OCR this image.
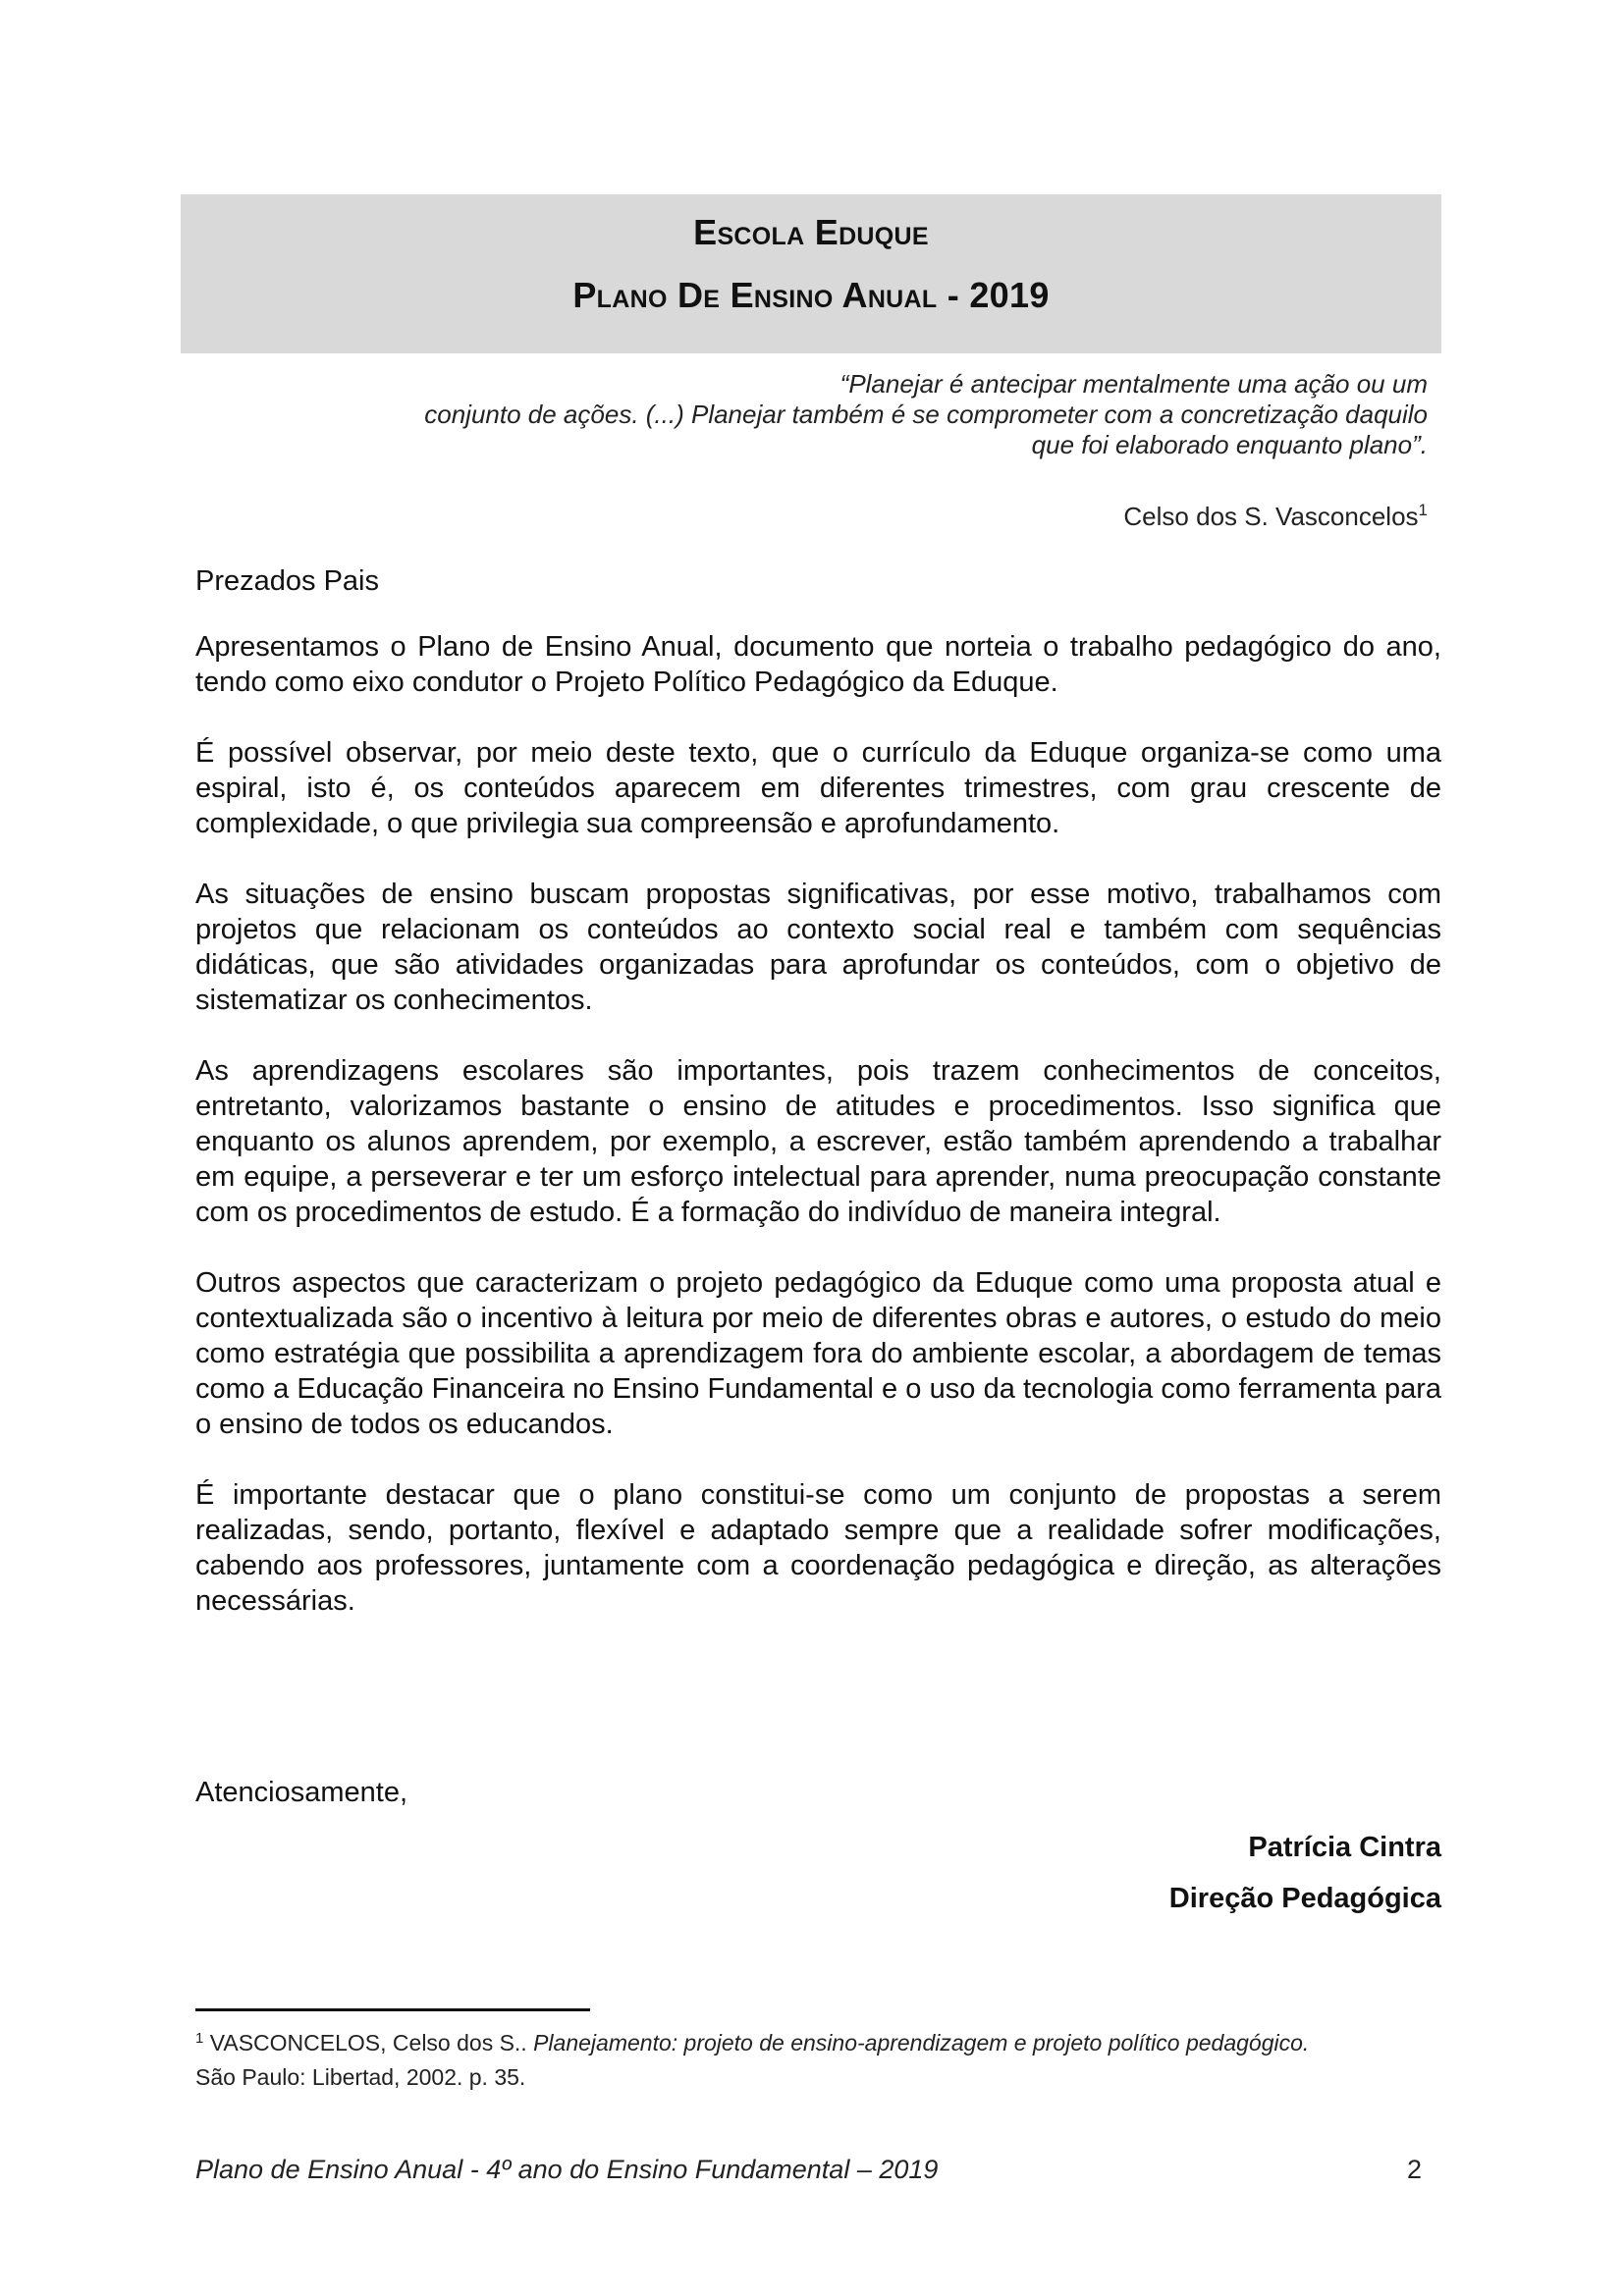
Escola Eduque
Plano De Ensino Anual - 2019
“Planejar é antecipar mentalmente uma ação ou um
conjunto de ações. (...) Planejar também é se comprometer com a concretização daquilo
que foi elaborado enquanto plano”.
Celso dos S. Vasconcelos$^1$
Prezados Pais

Apresentamos o Plano de Ensino Anual, documento que norteia o trabalho pedagógico do ano, tendo como eixo condutor o Projeto Político Pedagógico da Eduque.

É possível observar, por meio deste texto, que o currículo da Eduque organiza-se como uma espiral, isto é, os conteúdos aparecem em diferentes trimestres, com grau crescente de complexidade, o que privilegia sua compreensão e aprofundamento.

As situações de ensino buscam propostas significativas, por esse motivo, trabalhamos com projetos que relacionam os conteúdos ao contexto social real e também com sequências didáticas, que são atividades organizadas para aprofundar os conteúdos, com o objetivo de sistematizar os conhecimentos.

As aprendizagens escolares são importantes, pois trazem conhecimentos de conceitos, entretanto, valorizamos bastante o ensino de atitudes e procedimentos. Isso significa que enquanto os alunos aprendem, por exemplo, a escrever, estão também aprendendo a trabalhar em equipe, a perseverar e ter um esforço intelectual para aprender, numa preocupação constante com os procedimentos de estudo. É a formação do indivíduo de maneira integral.

Outros aspectos que caracterizam o projeto pedagógico da Eduque como uma proposta atual e contextualizada são o incentivo à leitura por meio de diferentes obras e autores, o estudo do meio como estratégia que possibilita a aprendizagem fora do ambiente escolar, a abordagem de temas como a Educação Financeira no Ensino Fundamental e o uso da tecnologia como ferramenta para o ensino de todos os educandos.

É importante destacar que o plano constitui-se como um conjunto de propostas a serem realizadas, sendo, portanto, flexível e adaptado sempre que a realidade sofrer modificações, cabendo aos professores, juntamente com a coordenação pedagógica e direção, as alterações necessárias.

Atenciosamente,
Patrícia Cintra
Direção Pedagógica
$^1$ VASCONCELOS, Celso dos S.. Planejamento: projeto de ensino-aprendizagem e projeto político pedagógico.
São Paulo: Libertad, 2002. p. 35.
Plano de Ensino Anual - 4º ano do Ensino Fundamental – 2019	2
